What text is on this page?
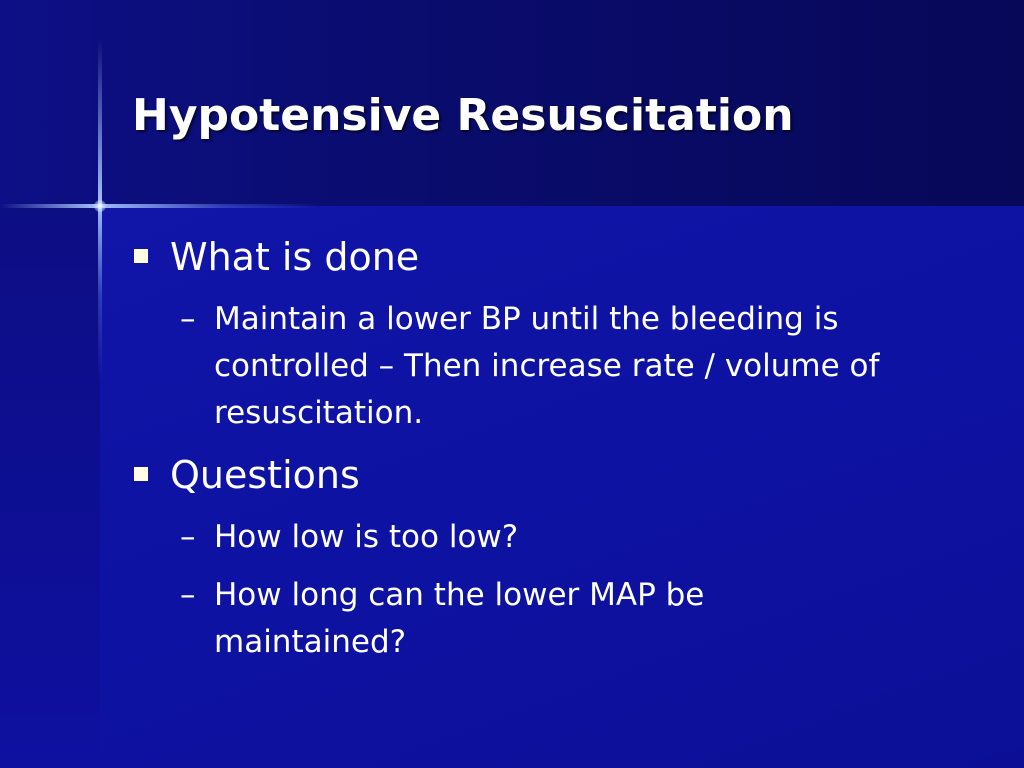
Hypotensive Resuscitation
What is done
– Maintain a lower BP until the bleeding is controlled – Then increase rate / volume of resuscitation.
Questions
– How low is too low?
– How long can the lower MAP be maintained?
